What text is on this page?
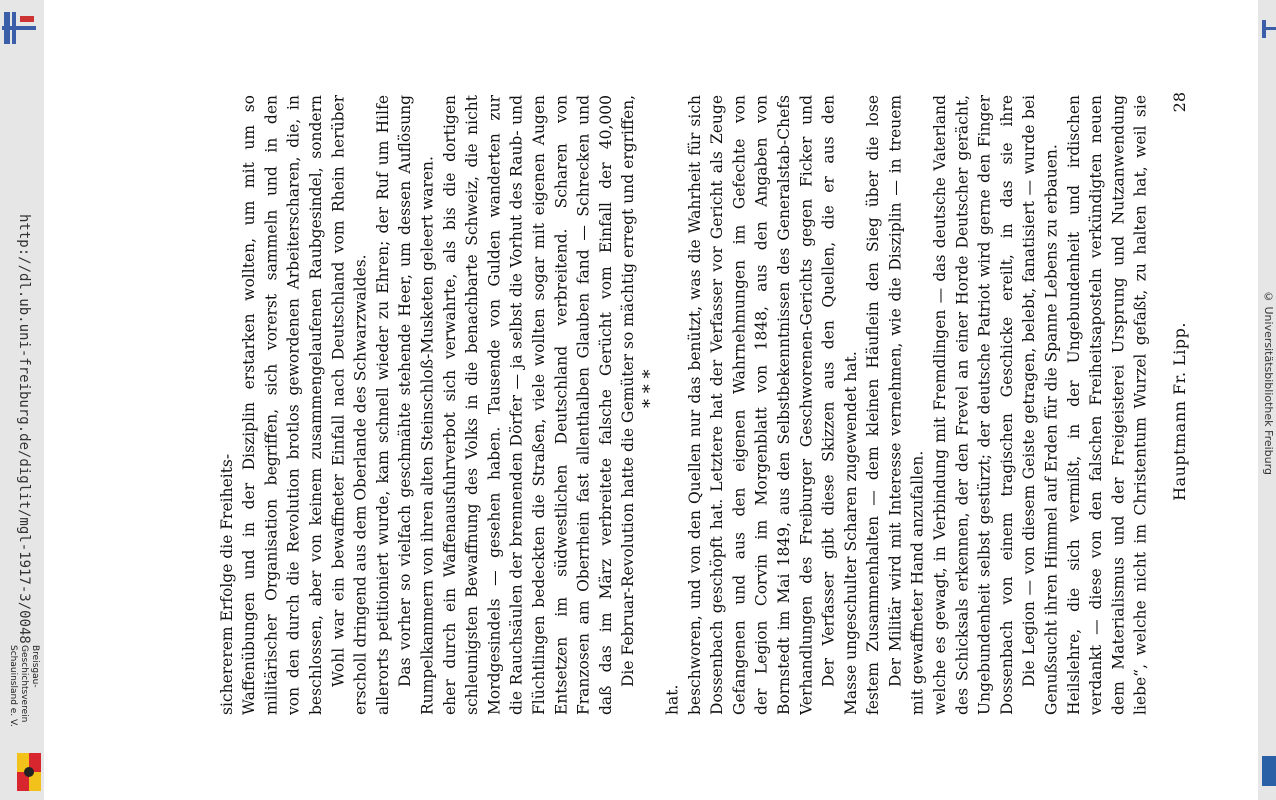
http://dl.ub.uni-freiburg.de/diglit/mgl-1917-3/0048
Breisgau-Geschichtsverein Schauinsland e. V.
28
Hauptmann Fr. Lipp.

liebe“, welche nicht im Christentum Wurzel gefaßt, zu halten hat, weil sie dem Materialismus und der Freigeisterei Ursprung und Nutzanwendung verdankt — diese von den falschen Freiheitsaposteln verkündigten neuen Heilslehre, die sich vermißt, in der Ungebundenheit und irdischen Genußsucht ihren Himmel auf Erden für die Spanne Lebens zu erbauen.

Die Legion — von diesem Geiste getragen, belebt, fanatisiert — wurde bei Dossenbach von einem tragischen Geschicke ereilt, in das sie ihre Ungebundenheit selbst gestürzt; der deutsche Patriot wird gerne den Finger des Schicksals erkennen, der den Frevel an einer Horde Deutscher gerächt, welche es gewagt, in Verbindung mit Fremdlingen — das deutsche Vaterland mit gewaffneter Hand anzufallen.

Der Militär wird mit Interesse vernehmen, wie die Disziplin — in treuem festem Zusammenhalten — dem kleinen Häuflein den Sieg über die lose Masse ungeschulter Scharen zugewendet hat.

Der Verfasser gibt diese Skizzen aus den Quellen, die er aus den Verhandlungen des Freiburger Geschworenen-Gerichts gegen Ficker und Bornstedt im Mai 1849, aus den Selbstbekenntnissen des Generalstab-Chefs der Legion Corvin im Morgenblatt von 1848, aus den Angaben von Gefangenen und aus den eigenen Wahrnehmungen im Gefechte von Dossenbach geschöpft hat. Letztere hat der Verfasser vor Gericht als Zeuge beschworen, und von den Quellen nur das benützt, was die Wahrheit für sich hat.

* * *

Die Februar-Revolution hatte die Gemüter so mächtig erregt und ergriffen, daß das im März verbreitete falsche Gerücht vom Einfall der 40,000 Franzosen am Oberrhein fast allenthalben Glauben fand — Schrecken und Entsetzen im südwestlichen Deutschland verbreitend. Scharen von Flüchtlingen bedeckten die Straßen, viele wollten sogar mit eigenen Augen die Rauchsäulen der brennenden Dörfer — ja selbst die Vorhut des Raub- und Mordgesindels — gesehen haben. Tausende von Gulden wanderten zur schleunigsten Bewaffnung des Volks in die benachbarte Schweiz, die nicht eher durch ein Waffenausfuhrverbot sich verwahrte, als bis die dortigen Rumpelkammern von ihren alten Steinschloß-Musketen geleert waren.

Das vorher so vielfach geschmähte stehende Heer, um dessen Auflösung allerorts petitioniert wurde, kam schnell wieder zu Ehren; der Ruf um Hilfe erscholl dringend aus dem Oberlande des Schwarzwaldes.

Wohl war ein bewaffneter Einfall nach Deutschland vom Rhein herüber beschlossen, aber von keinem zusammengelaufenen Raubgesindel, sondern von den durch die Revolution brotlos gewordenen Arbeiterscharen, die, in militärischer Organisation begriffen, sich vorerst sammeln und in den Waffenübungen und in der Disziplin erstarken wollten, um mit um so sichererem Erfolge die Freiheits-

© Universitätsbibliothek Freiburg
